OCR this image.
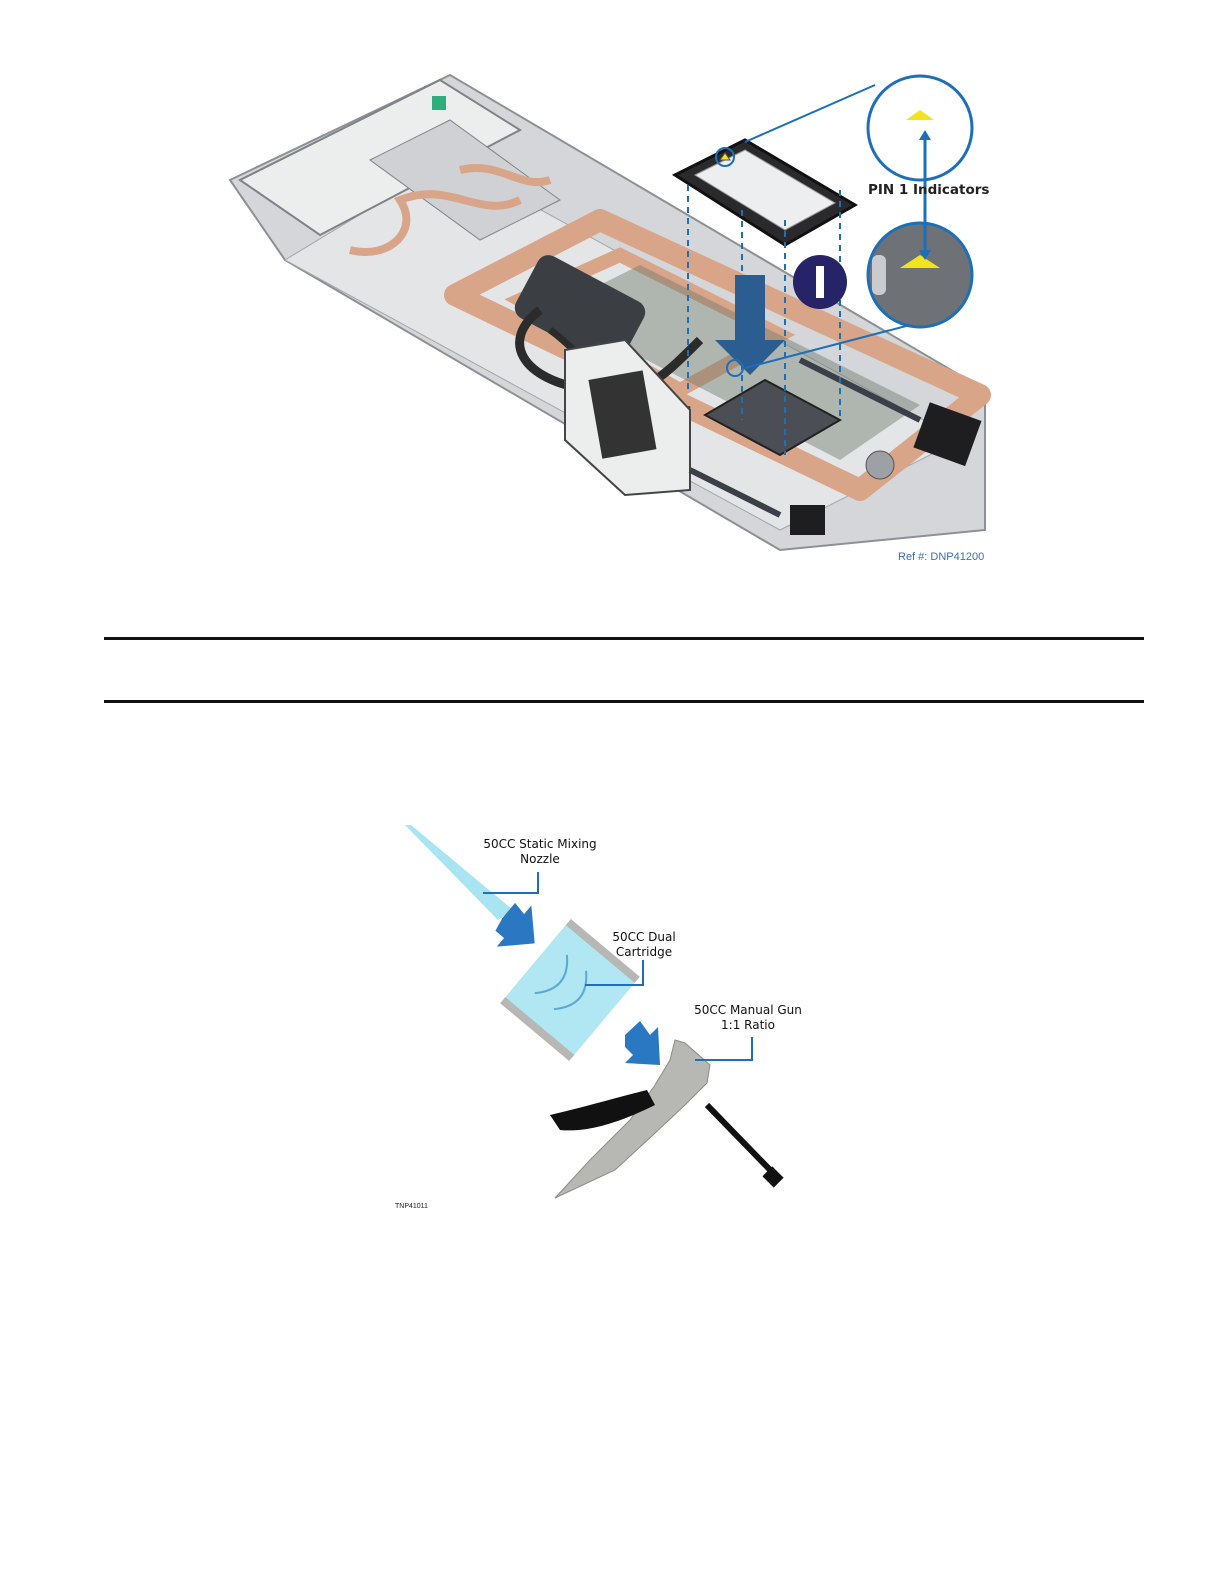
PIN 1 Indicators
Ref #: DNP41200
50CC Static Mixing
Nozzle
50CC Dual
Cartridge
50CC Manual Gun
1:1 Ratio
TNP41011
